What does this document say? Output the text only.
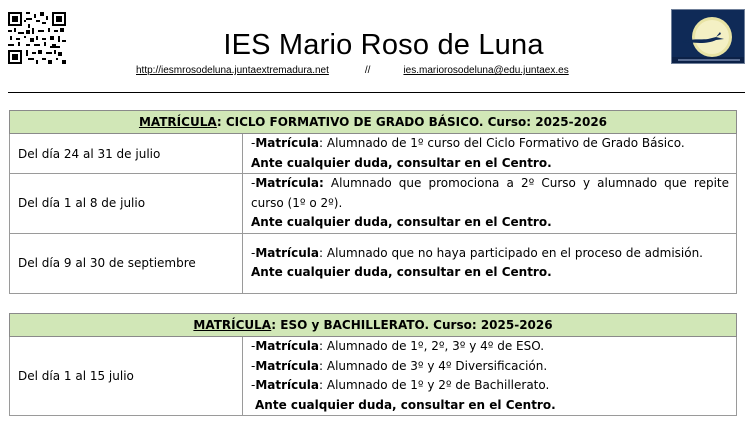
IES Mario Roso de Luna
http://iesmrosodeluna.juntaextremadura.net	//	ies.mariorosodeluna@edu.juntaex.es
MATRÍCULA: CICLO FORMATIVO DE GRADO BÁSICO. Curso: 2025-2026	
Del día 24 al 31 de julio	-Matrícula: Alumnado de 1º curso del Ciclo Formativo de Grado Básico.
Ante cualquier duda, consultar en el Centro.

Del día 1 al 8 de julio	-Matrícula: Alumnado que promociona a 2º Curso y alumnado que repite curso (1º o 2º).
Ante cualquier duda, consultar en el Centro.

Del día 9 al 30 de septiembre	-Matrícula: Alumnado que no haya participado en el proceso de admisión.
Ante cualquier duda, consultar en el Centro.
MATRÍCULA: ESO y BACHILLERATO. Curso: 2025-2026
Del día 1 al 15 julio	
-Matrícula: Alumnado de 1º, 2º, 3º y 4º de ESO.
-Matrícula: Alumnado de 3º y 4º Diversificación.
-Matrícula: Alumnado de 1º y 2º de Bachillerato.
Ante cualquier duda, consultar en el Centro.
